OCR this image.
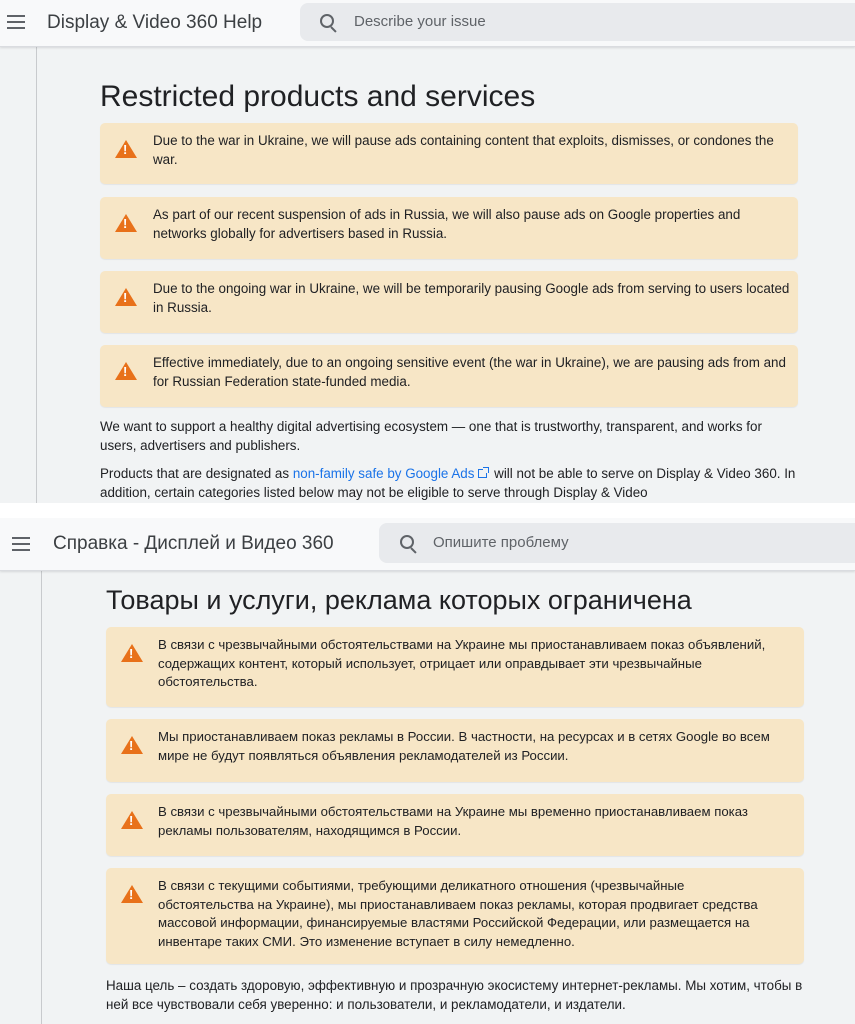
Display & Video 360 Help	Describe your issue
Restricted products and services
!
Due to the war in Ukraine, we will pause ads containing content that exploits, dismisses, or condones the war.
!
As part of our recent suspension of ads in Russia, we will also pause ads on Google properties and networks globally for advertisers based in Russia.
!
Due to the ongoing war in Ukraine, we will be temporarily pausing Google ads from serving to users located in Russia.
!
Effective immediately, due to an ongoing sensitive event (the war in Ukraine), we are pausing ads from and for Russian Federation state-funded media.
We want to support a healthy digital advertising ecosystem — one that is trustworthy, transparent, and works for users, advertisers and publishers.
Products that are designated as non-family safe by Google Ads will not be able to serve on Display & Video 360. In addition, certain categories listed below may not be eligible to serve through Display & Video
Справка - Дисплей и Видео 360	Опишите проблему
Товары и услуги, реклама которых ограничена
!
В связи с чрезвычайными обстоятельствами на Украине мы приостанавливаем показ объявлений, содержащих контент, который использует, отрицает или оправдывает эти чрезвычайные обстоятельства.
!
Мы приостанавливаем показ рекламы в России. В частности, на ресурсах и в сетях Google во всем мире не будут появляться объявления рекламодателей из России.
!
В связи с чрезвычайными обстоятельствами на Украине мы временно приостанавливаем показ рекламы пользователям, находящимся в России.
!
В связи с текущими событиями, требующими деликатного отношения (чрезвычайные обстоятельства на Украине), мы приостанавливаем показ рекламы, которая продвигает средства массовой информации, финансируемые властями Российской Федерации, или размещается на инвентаре таких СМИ. Это изменение вступает в силу немедленно.
Наша цель – создать здоровую, эффективную и прозрачную экосистему интернет-рекламы. Мы хотим, чтобы в ней все чувствовали себя уверенно: и пользователи, и рекламодатели, и издатели.
